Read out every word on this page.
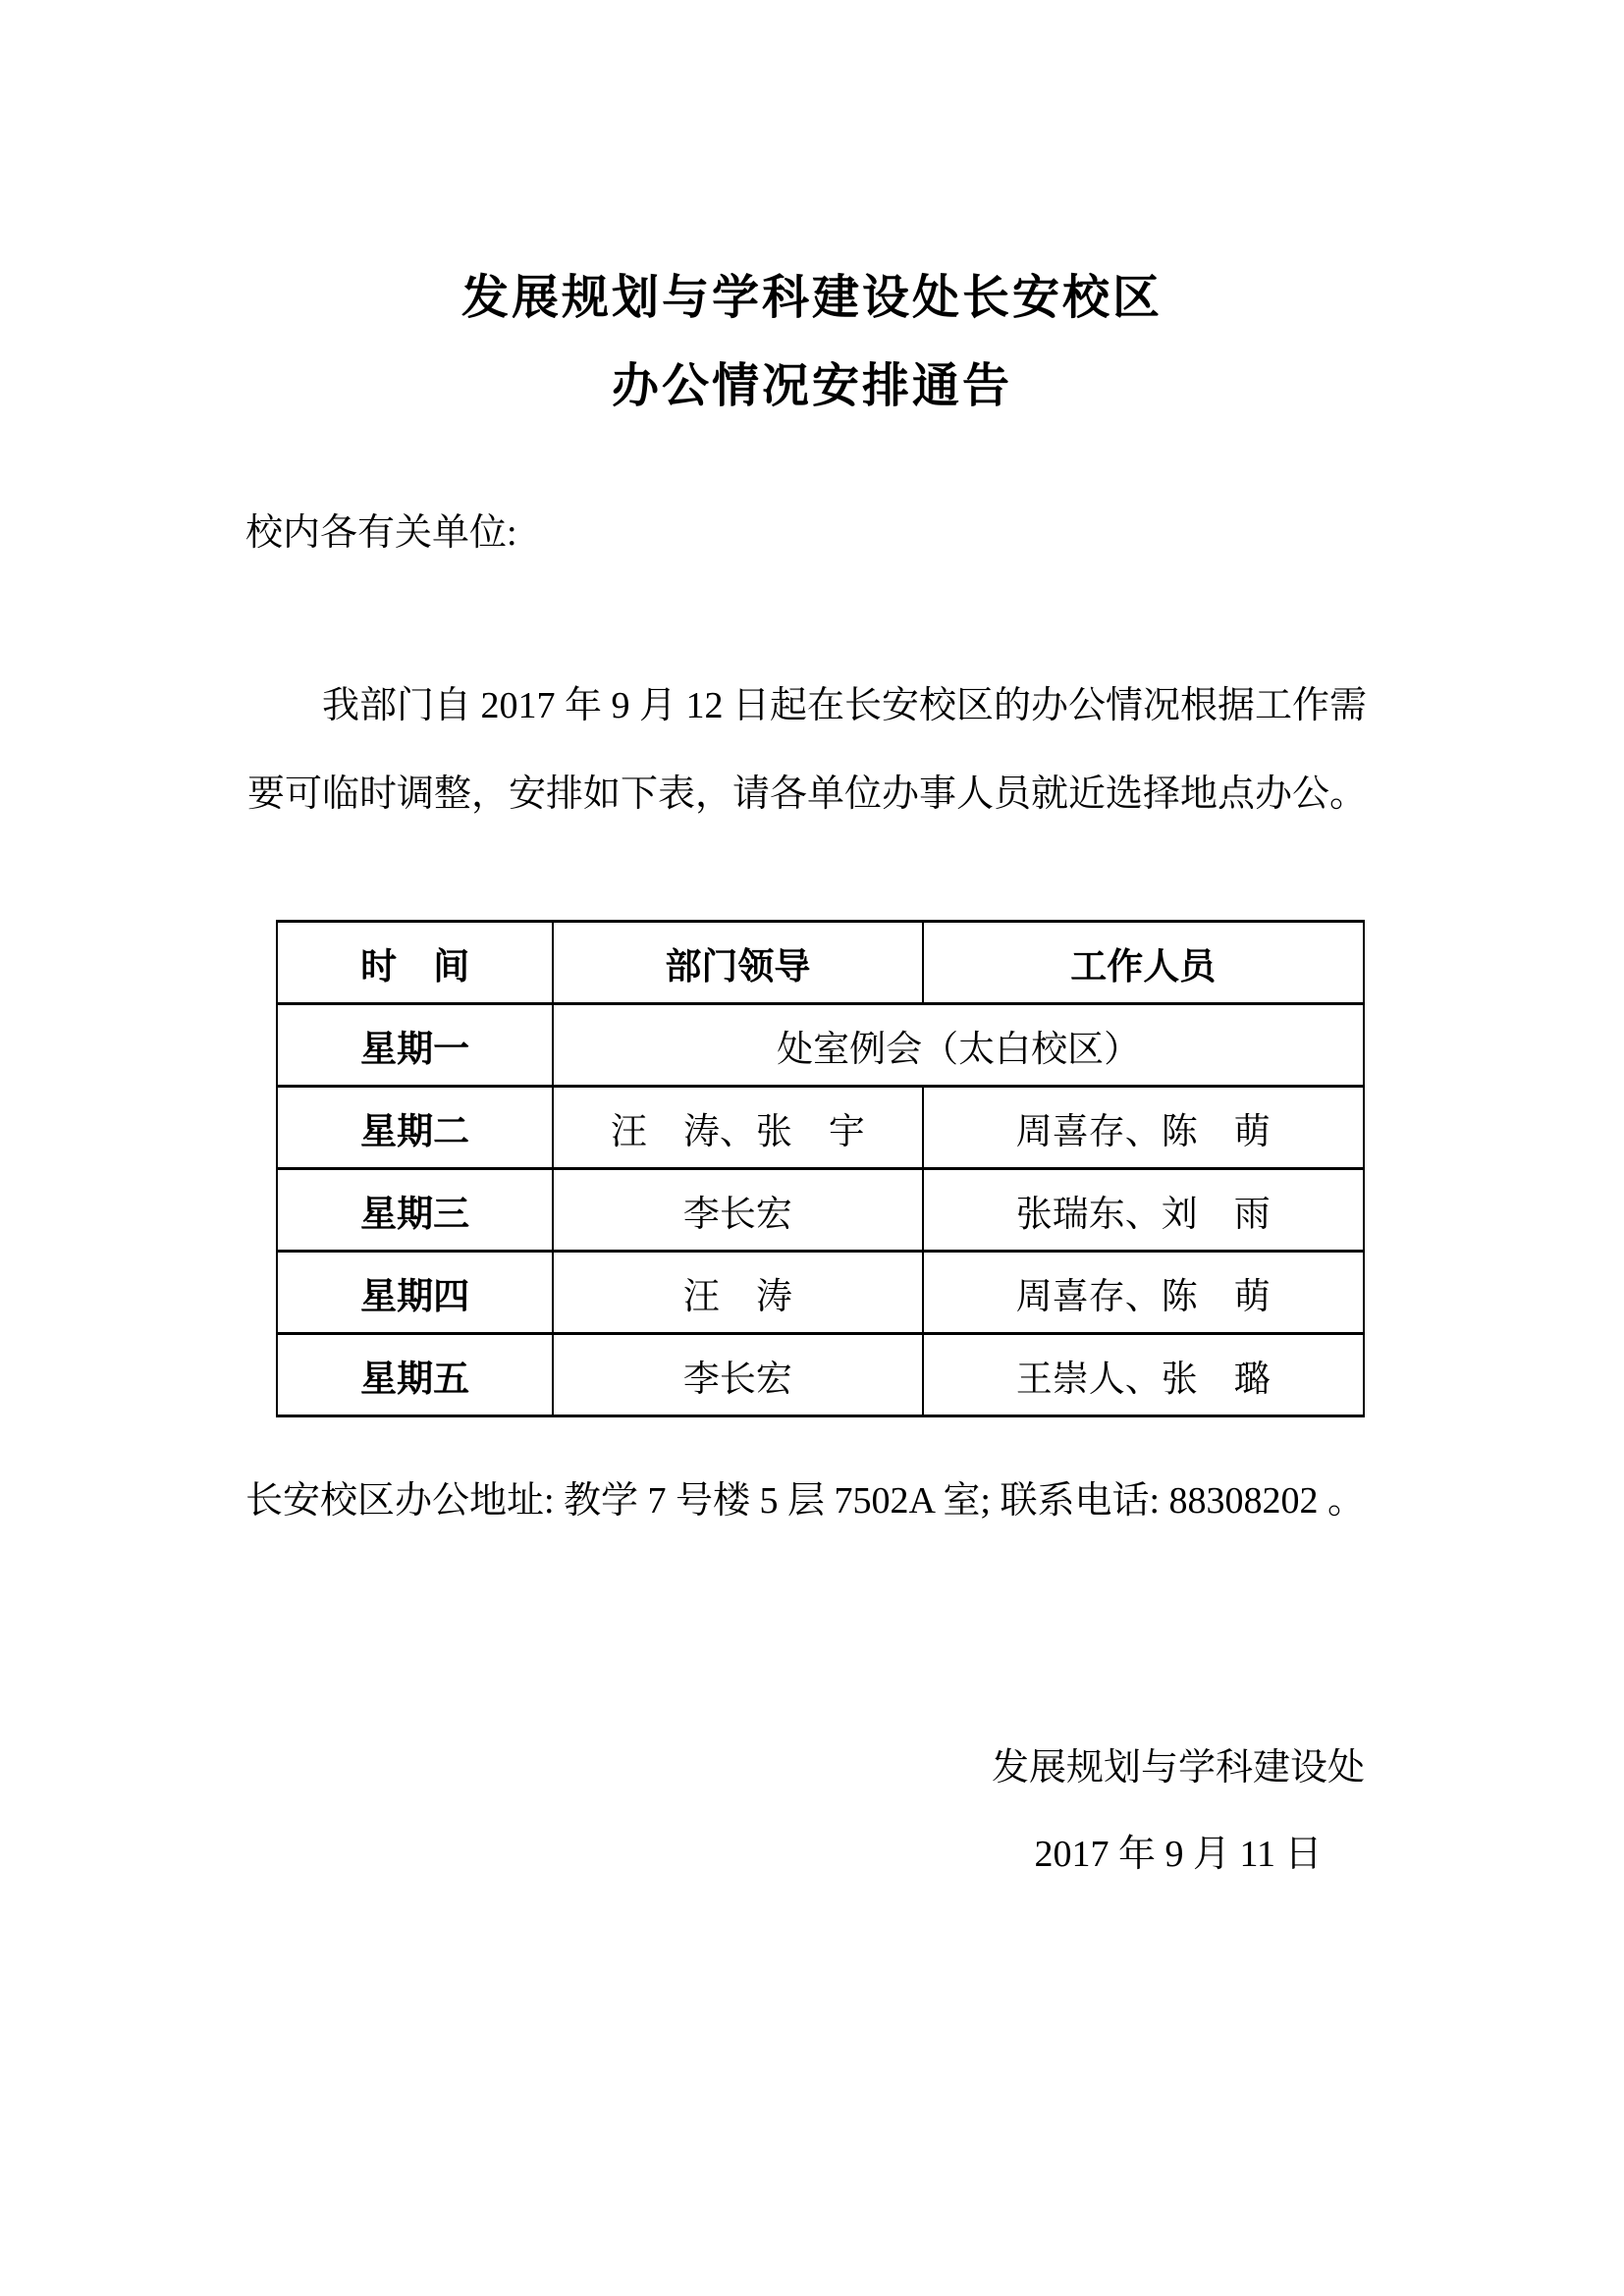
发展规划与学科建设处长安校区
办公情况安排通告
校内各有关单位:
我部门自 2017 年 9 月 12 日起在长安校区的办公情况根据工作需
要可临时调整，安排如下表，请各单位办事人员就近选择地点办公。
时　间	部门领导	工作人员
星期一	处室例会（太白校区）	
星期二	汪　涛、张　宇	周喜存、陈　萌
星期三	李长宏	张瑞东、刘　雨
星期四	汪　涛	周喜存、陈　萌
星期五	李长宏	王崇人、张　璐
长安校区办公地址: 教学 7 号楼 5 层 7502A 室; 联系电话: 88308202 。
发展规划与学科建设处
2017 年 9 月 11 日
